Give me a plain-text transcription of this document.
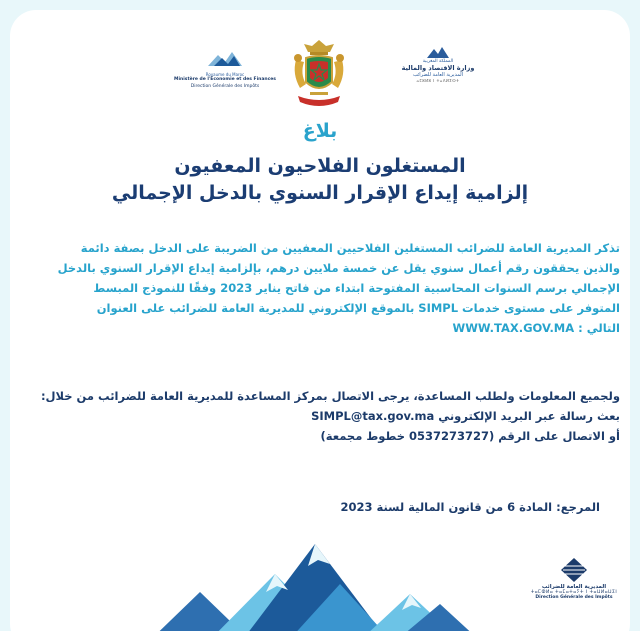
Royaume du Maroc
Ministère de l'Économie et des Finances
Direction Générale des Impôts
المملكة المغربية
وزارة الاقتصاد والمالية
المديرية العامة للضرائب
ⴰⵎⵓⵍⵓ ⵏ ⵜⴰⴷⵍⵉⵙⵜ
بلاغ
المستغلون الفلاحيون المعفيون
إلزامية إيداع الإقرار السنوي بالدخل الإجمالي
تذكر المديرية العامة للضرائب المستغلين الفلاحيين المعفيين من الضريبة على الدخل بصفة دائمة
والذين يحققون رقم أعمال سنوي يقل عن خمسة ملايين درهم، بإلزامية إيداع الإقرار السنوي بالدخل
الإجمالي برسم السنوات المحاسبية المفتوحة ابتداء من فاتح يناير 2023 وفقًا للنموذج المبسط
المتوفر على مستوى خدمات SIMPL بالموقع الإلكتروني للمديرية العامة للضرائب على العنوان
التالي : WWW.TAX.GOV.MA
ولجميع المعلومات ولطلب المساعدة، يرجى الاتصال بمركز المساعدة للمديرية العامة للضرائب من خلال:
بعث رسالة عبر البريد الإلكتروني SIMPL@tax.gov.ma
أو الاتصال على الرقم (0537273727 خطوط مجمعة)
المرجع: المادة 6 من قانون المالية لسنة 2023
المديرية العامة للضرائب
ⵜⴰⵎⵀⵍⴰ ⵜⴰⵎⴰⵜⴰⵢⵜ ⵏ ⵜⴰⵡⵍⴰⵡⵉⵏ
Direction Générale des Impôts
